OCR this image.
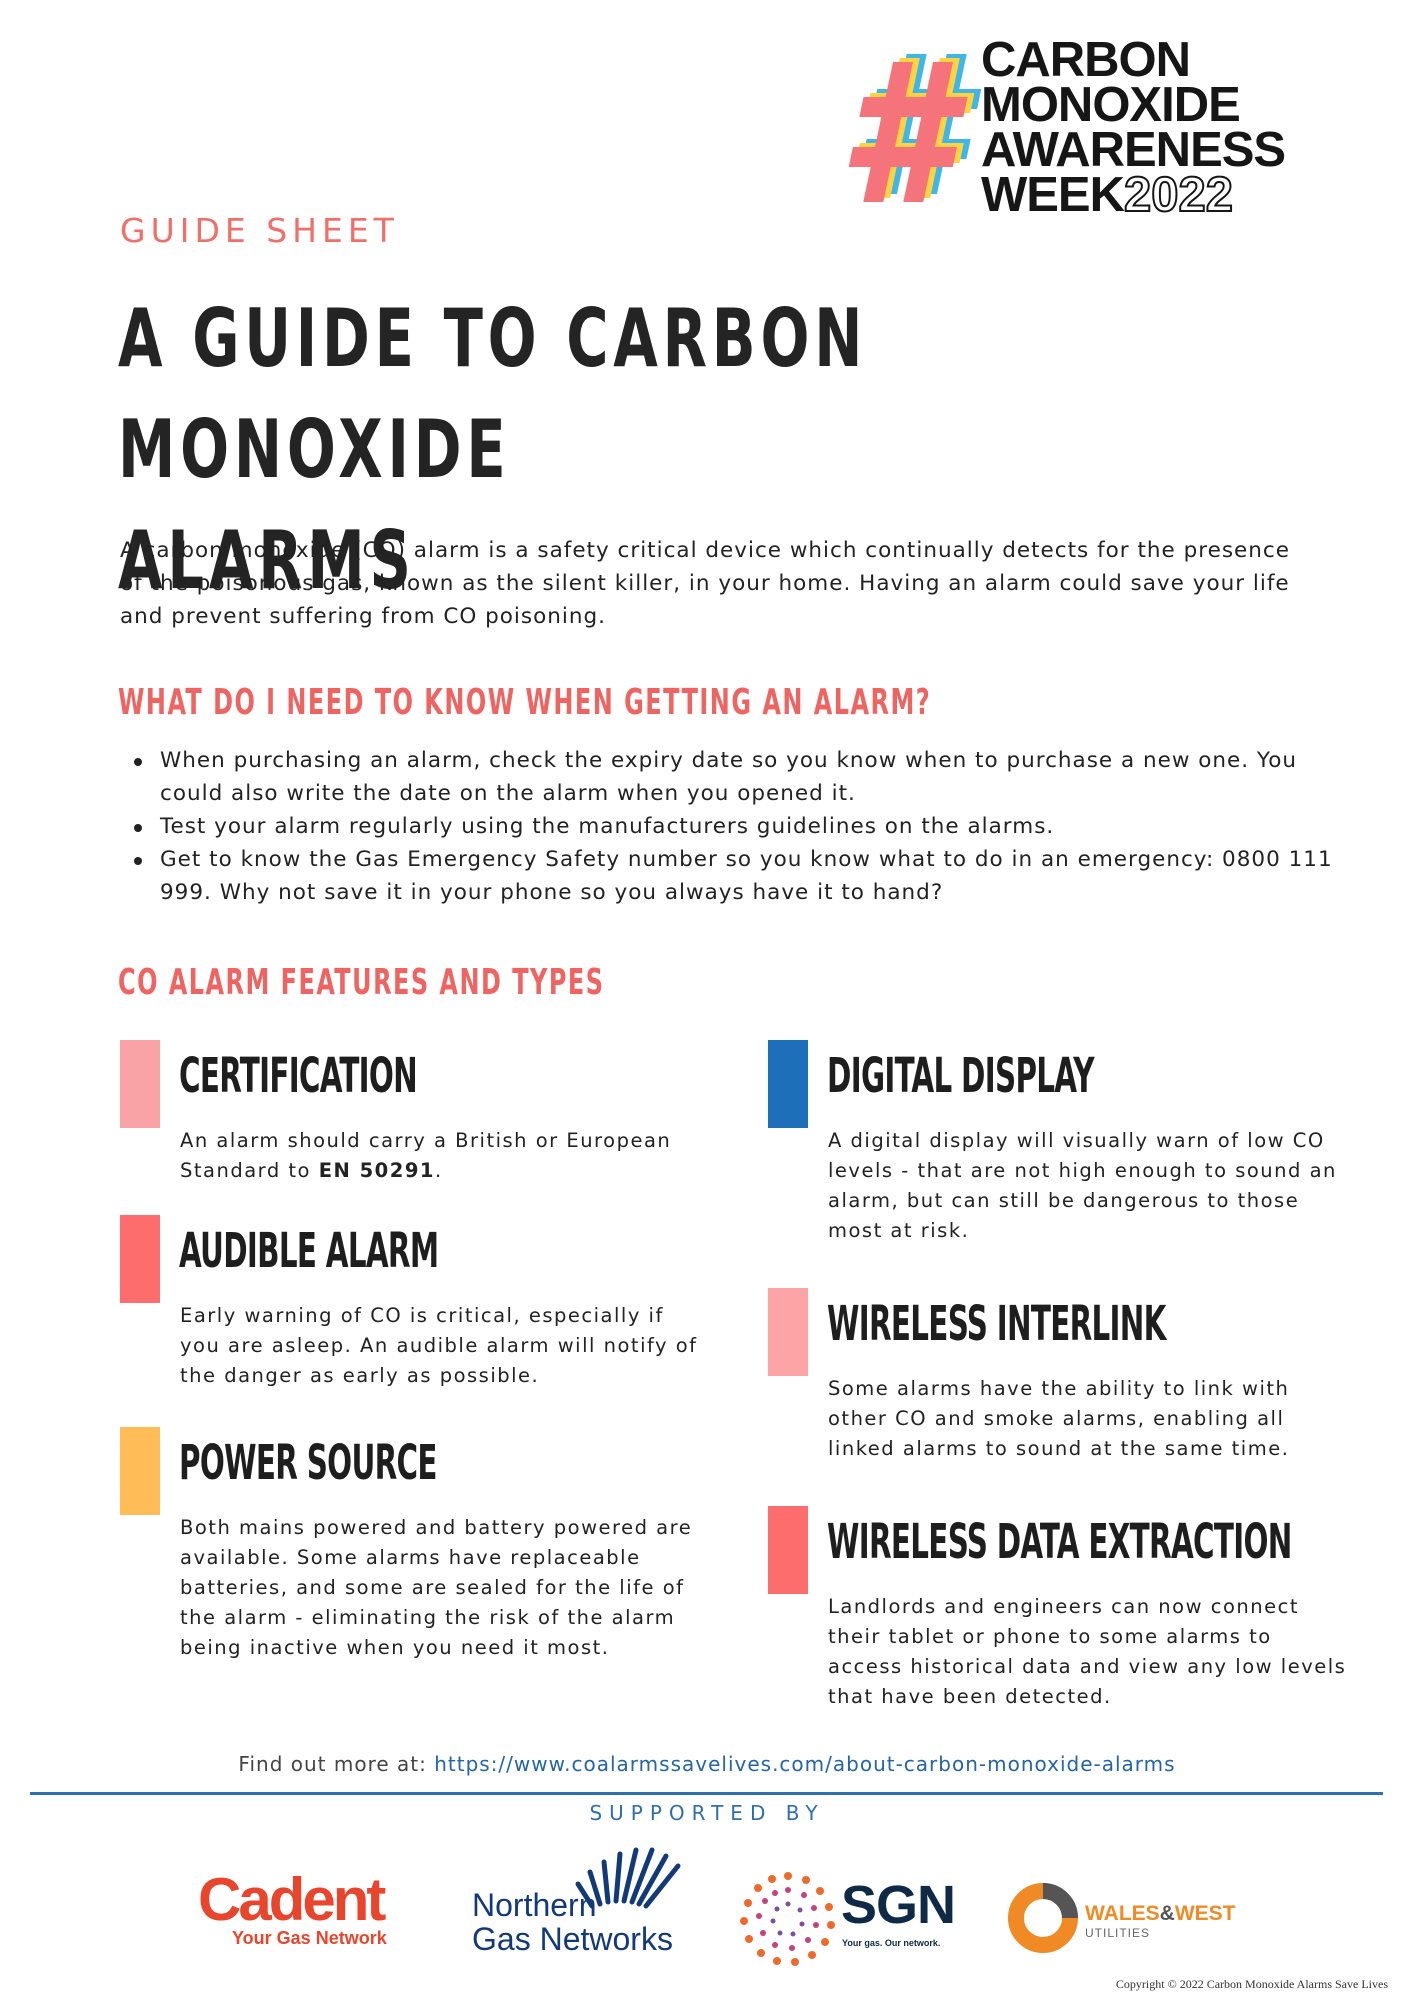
CARBON
MONOXIDE
AWARENESS
WEEK2022
GUIDE SHEET
A GUIDE TO CARBON MONOXIDE
ALARMS

A carbon monoxide (CO) alarm is a safety critical device which continually detects for the presence of the poisonous gas, known as the silent killer, in your home. Having an alarm could save your life and prevent suffering from CO poisoning.

WHAT DO I NEED TO KNOW WHEN GETTING AN ALARM?
When purchasing an alarm, check the expiry date so you know when to purchase a new one. You could also write the date on the alarm when you opened it.
Test your alarm regularly using the manufacturers guidelines on the alarms.
Get to know the Gas Emergency Safety number so you know what to do in an emergency: 0800 111 999. Why not save it in your phone so you always have it to hand?
CO ALARM FEATURES AND TYPES
CERTIFICATION

An alarm should carry a British or European Standard to EN 50291.

AUDIBLE ALARM

Early warning of CO is critical, especially if you are asleep. An audible alarm will notify of the danger as early as possible.

POWER SOURCE

Both mains powered and battery powered are available. Some alarms have replaceable batteries, and some are sealed for the life of the alarm - eliminating the risk of the alarm being inactive when you need it most.

DIGITAL DISPLAY

A digital display will visually warn of low CO levels - that are not high enough to sound an alarm, but can still be dangerous to those most at risk.

WIRELESS INTERLINK

Some alarms have the ability to link with other CO and smoke alarms, enabling all linked alarms to sound at the same time.

WIRELESS DATA EXTRACTION

Landlords and engineers can now connect their tablet or phone to some alarms to access historical data and view any low levels that have been detected.

Find out more at: https://www.coalarmssavelives.com/about-carbon-monoxide-alarms
SUPPORTED BY
Cadent
Your Gas Network
Northern
Gas Networks
SGN
Your gas. Our network.
WALES&WEST
UTILITIES
Copyright © 2022 Carbon Monoxide Alarms Save Lives
